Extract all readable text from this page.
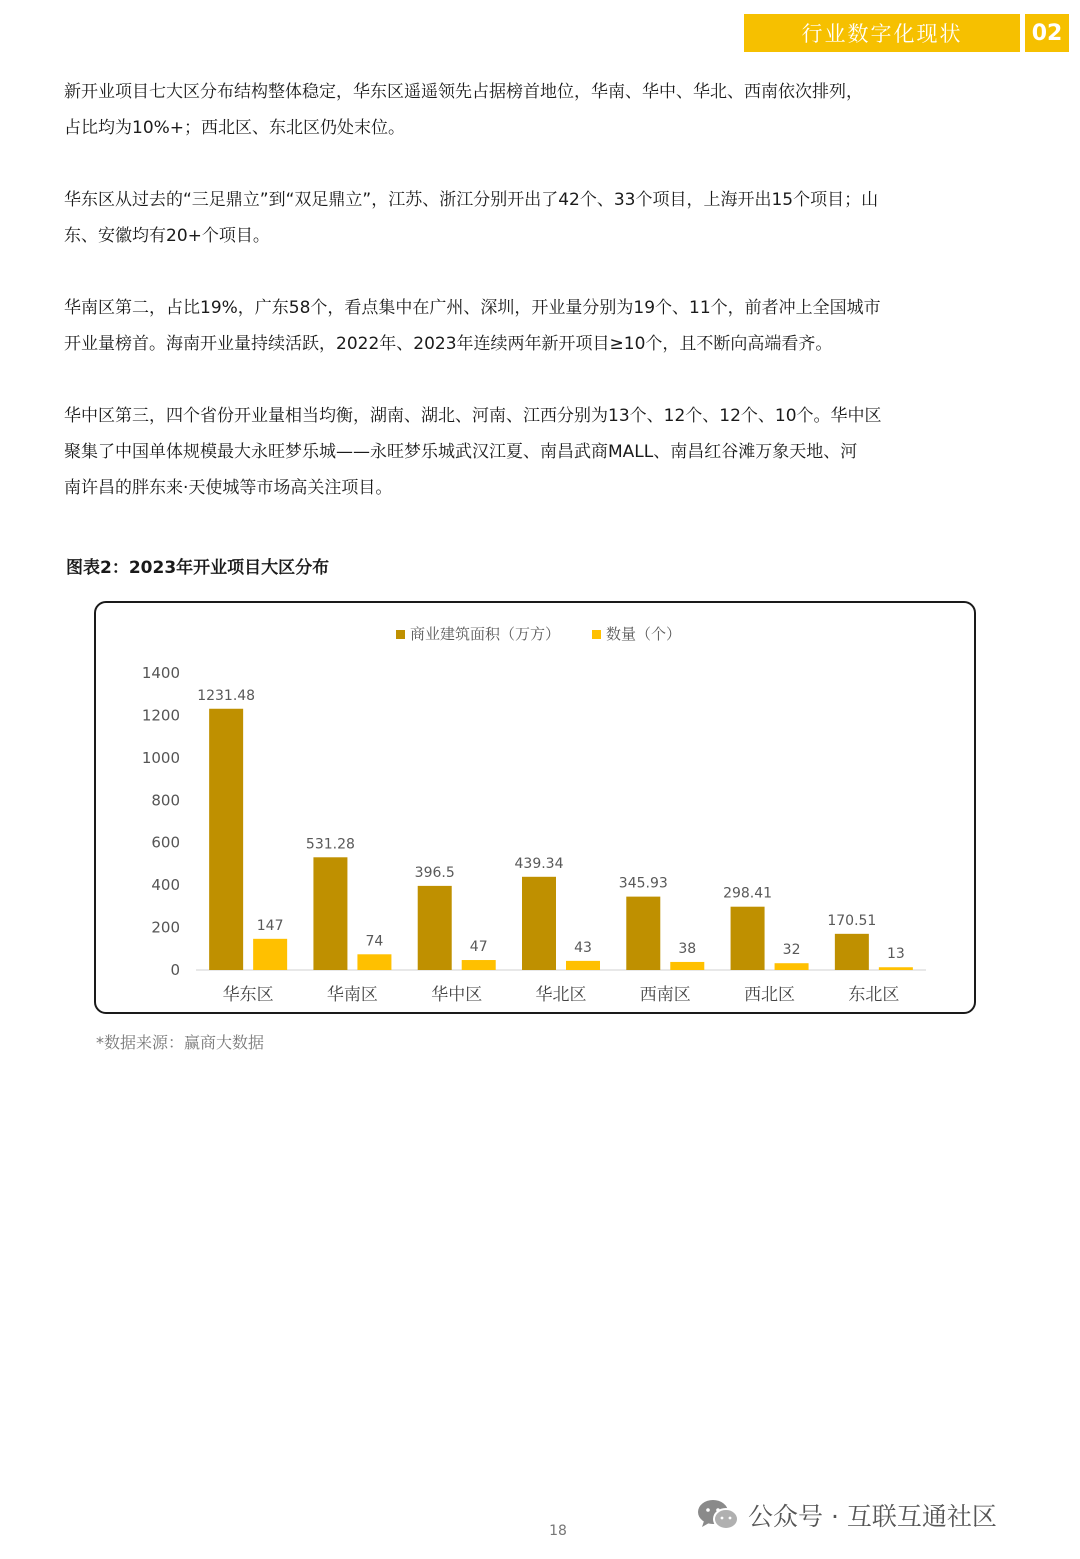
行业数字化现状	02

新开业项目七大区分布结构整体稳定，华东区遥遥领先占据榜首地位，华南、华中、华北、西南依次排列，
占比均为10%+；西北区、东北区仍处末位。

华东区从过去的“三足鼎立”到“双足鼎立”，江苏、浙江分别开出了42个、33个项目，上海开出15个项目；山
东、安徽均有20+个项目。

华南区第二，占比19%，广东58个，看点集中在广州、深圳，开业量分别为19个、11个，前者冲上全国城市
开业量榜首。海南开业量持续活跃，2022年、2023年连续两年新开项目≥10个，且不断向高端看齐。

华中区第三，四个省份开业量相当均衡，湖南、湖北、河南、江西分别为13个、12个、12个、10个。华中区
聚集了中国单体规模最大永旺梦乐城——永旺梦乐城武汉江夏、南昌武商MALL、南昌红谷滩万象天地、河
南许昌的胖东来·天使城等市场高关注项目。

图表2：2023年开业项目大区分布
0
200
400
600
800
1000
1200
1400
1231.48
147
华东区
531.28
74
华南区
396.5
47
华中区
439.34
43
华北区
345.93
38
西南区
298.41
32
西北区
170.51
13
东北区
商业建筑面积（万方）	数量（个）
*数据来源：赢商大数据
公众号 · 互联互通社区
18
